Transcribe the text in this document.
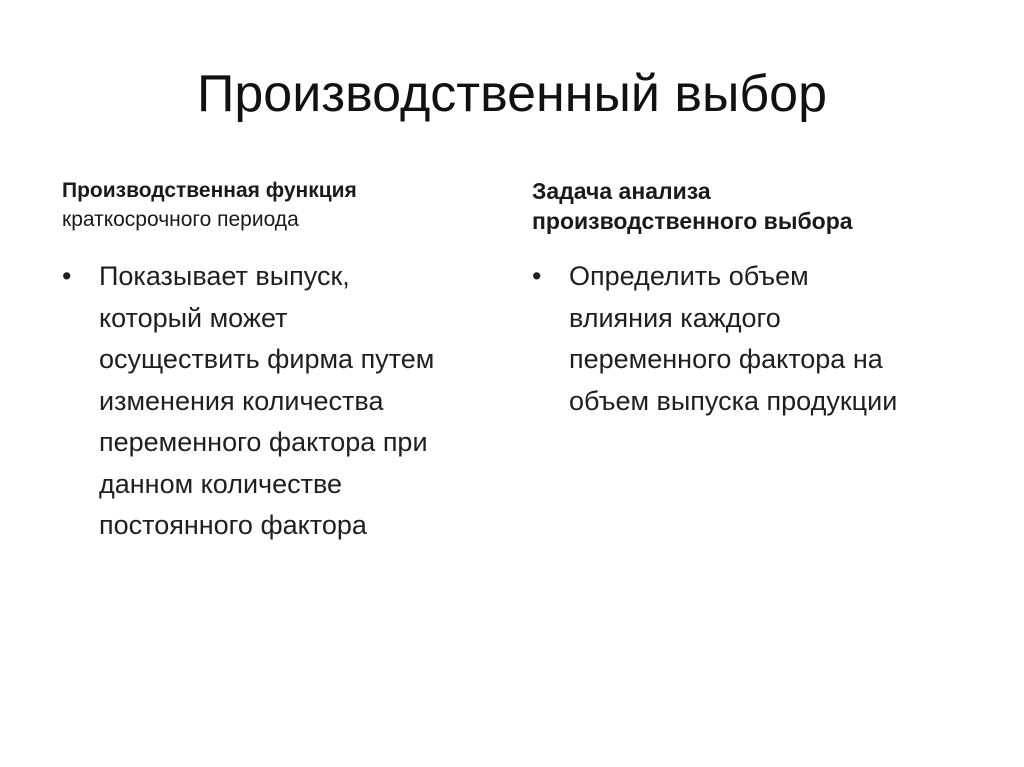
Производственный выбор

Производственная функция
краткосрочного периода

•	Показывает выпуск,
который может
осуществить фирма путем
изменения количества
переменного фактора при
данном количестве
постоянного фактора

Задача анализа
производственного выбора

•	Определить объем
влияния каждого
переменного фактора на
объем выпуска продукции
